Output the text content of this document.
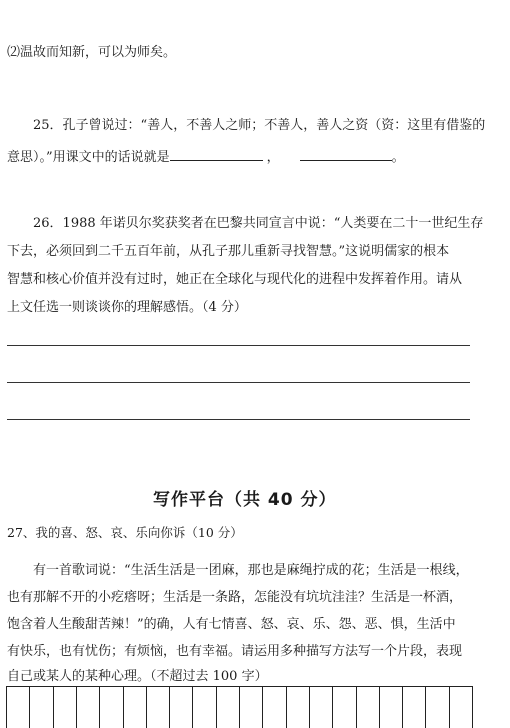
⑵温故而知新，可以为师矣。
25．孔子曾说过：“善人，不善人之师；不善人，善人之资（资：这里有借鉴的
意思）。”用课文中的话说就是	，	。
26．1988 年诺贝尔奖获奖者在巴黎共同宣言中说：“人类要在二十一世纪生存
下去，必须回到二千五百年前，从孔子那儿重新寻找智慧。”这说明儒家的根本
智慧和核心价值并没有过时，她正在全球化与现代化的进程中发挥着作用。请从
上文任选一则谈谈你的理解感悟。（4 分）
写作平台（共 40 分）
27、我的喜、怒、哀、乐向你诉（10 分）
有一首歌词说：“生活生活是一团麻，那也是麻绳拧成的花；生活是一根线，
也有那解不开的小疙瘩呀；生活是一条路，怎能没有坑坑洼洼？生活是一杯酒，
饱含着人生酸甜苦辣！”的确，人有七情喜、怒、哀、乐、怨、恶、惧，生活中
有快乐，也有忧伤；有烦恼，也有幸福。请运用多种描写方法写一个片段，表现
自己或某人的某种心理。（不超过去 100 字）
